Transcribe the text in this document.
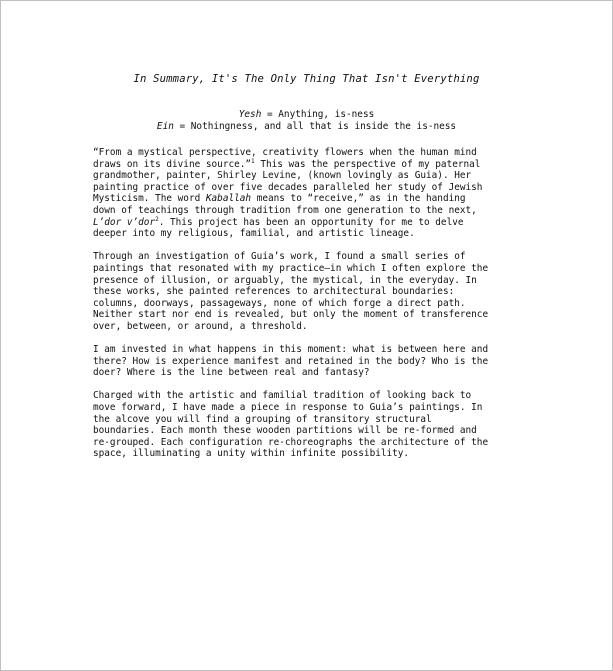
In Summary, It's The Only Thing That Isn't Everything
Yesh = Anything, is-ness
Ein = Nothingness, and all that is inside the is-ness

“From a mystical perspective, creativity flowers when the human mind
draws on its divine source.”$^1$ This was the perspective of my paternal
grandmother, painter, Shirley Levine, (known lovingly as Guia). Her
painting practice of over five decades paralleled her study of Jewish
Mysticism. The word Kaballah means to “receive,” as in the handing
down of teachings through tradition from one generation to the next,
L’dor v’dor$^2$. This project has been an opportunity for me to delve
deeper into my religious, familial, and artistic lineage.

Through an investigation of Guia’s work, I found a small series of
paintings that resonated with my practice—in which I often explore the
presence of illusion, or arguably, the mystical, in the everyday. In
these works, she painted references to architectural boundaries:
columns, doorways, passageways, none of which forge a direct path.
Neither start nor end is revealed, but only the moment of transference
over, between, or around, a threshold.

I am invested in what happens in this moment: what is between here and
there? How is experience manifest and retained in the body? Who is the
doer? Where is the line between real and fantasy?

Charged with the artistic and familial tradition of looking back to
move forward, I have made a piece in response to Guia’s paintings. In
the alcove you will find a grouping of transitory structural
boundaries. Each month these wooden partitions will be re-formed and
re-grouped. Each configuration re-choreographs the architecture of the
space, illuminating a unity within infinite possibility.
